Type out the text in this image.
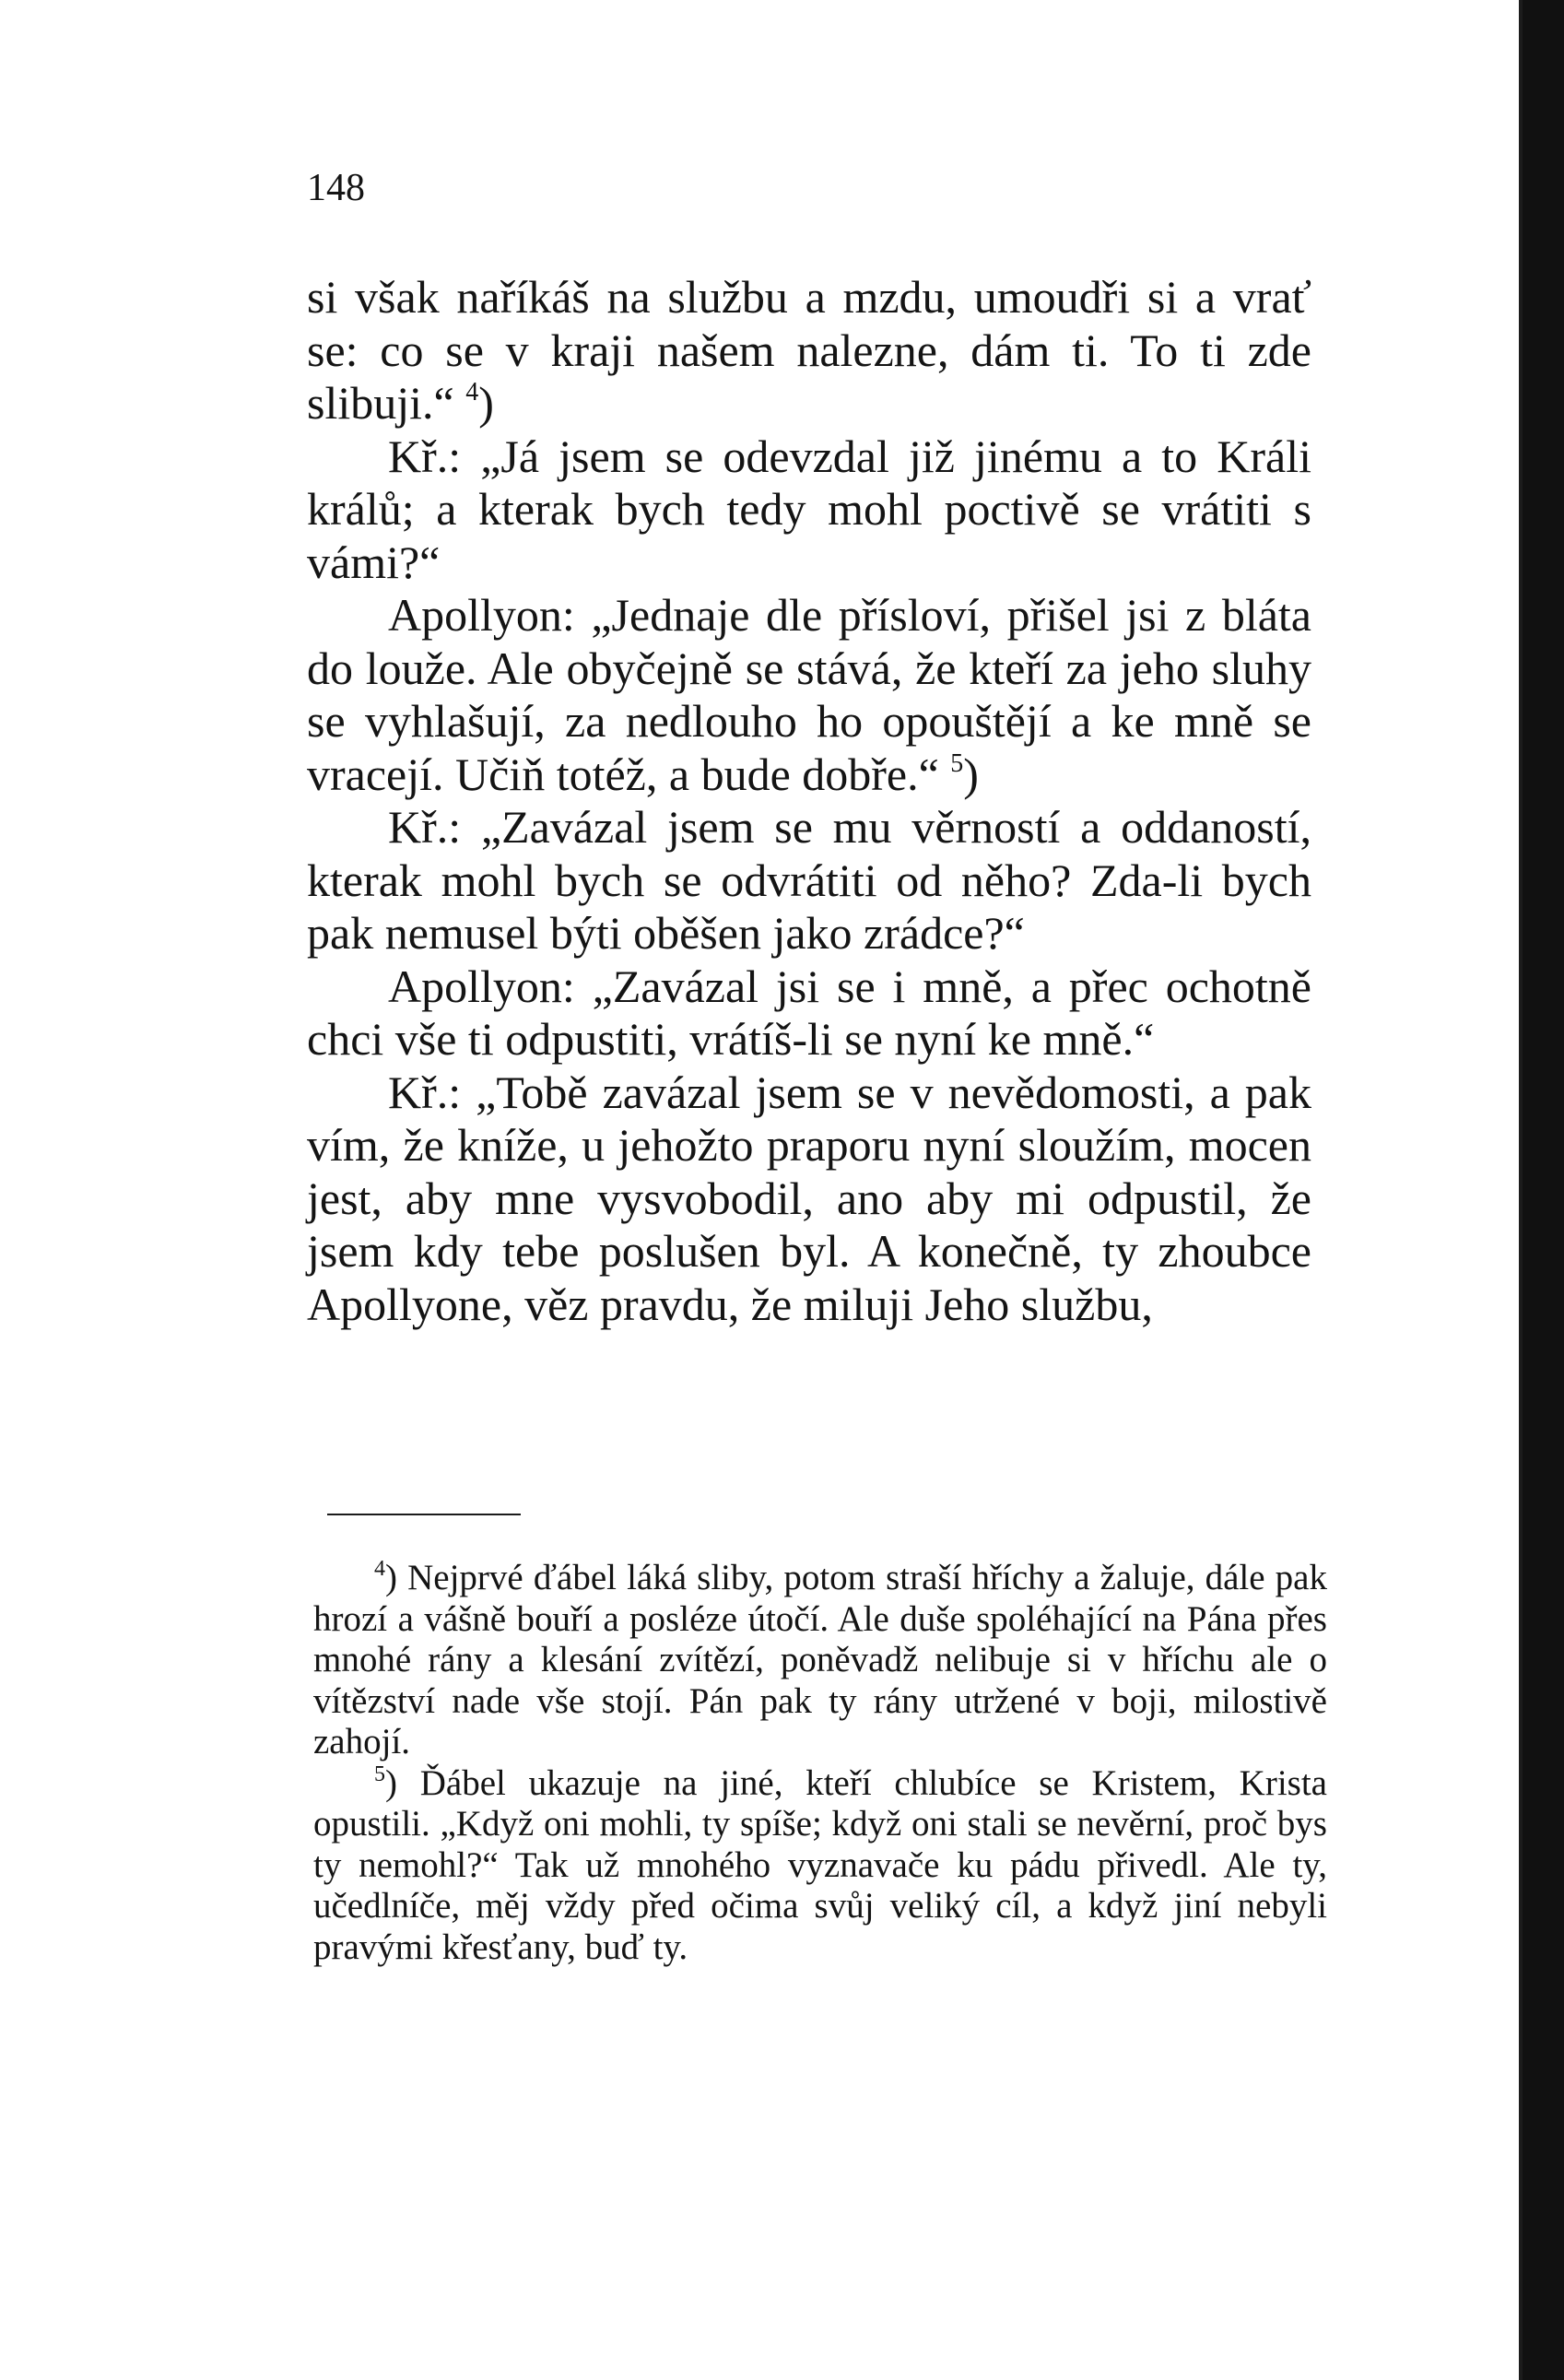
148

si však naříkáš na službu a mzdu, umoudři si a vrať se: co se v kraji našem nalezne, dám ti. To ti zde slibuji.“ $^4$)

Kř.: „Já jsem se odevzdal již jinému a to Králi králů; a kterak bych tedy mohl poctivě se vrátiti s vámi?“

Apollyon: „Jednaje dle přísloví, přišel jsi z bláta do louže. Ale obyčejně se stává, že kteří za jeho sluhy se vyhlašují, za nedlouho ho opouštějí a ke mně se vracejí. Učiň totéž, a bude dobře.“ $^5$)

Kř.: „Zavázal jsem se mu věrností a oddaností, kterak mohl bych se odvrátiti od něho? Zda-li bych pak nemusel býti oběšen jako zrádce?“

Apollyon: „Zavázal jsi se i mně, a přec ochotně chci vše ti odpustiti, vrátíš-li se nyní ke mně.“

Kř.: „Tobě zavázal jsem se v nevědomosti, a pak vím, že kníže, u jehožto praporu nyní sloužím, mocen jest, aby mne vysvobodil, ano aby mi odpustil, že jsem kdy tebe poslušen byl. A konečně, ty zhoubce Apollyone, věz pravdu, že miluji Jeho službu,

$^4$) Nejprvé ďábel láká sliby, potom straší hříchy a žaluje, dále pak hrozí a vášně bouří a posléze útočí. Ale duše spoléhající na Pána přes mnohé rány a klesání zvítězí, poněvadž nelibuje si v hříchu ale o vítězství nade vše stojí. Pán pak ty rány utržené v boji, milostivě zahojí.

$^5$) Ďábel ukazuje na jiné, kteří chlubíce se Kristem, Krista opustili. „Když oni mohli, ty spíše; když oni stali se nevěrní, proč bys ty nemohl?“ Tak už mnohého vyznavače ku pádu přivedl. Ale ty, učedlníče, měj vždy před očima svůj veliký cíl, a když jiní nebyli pravými křesťany, buď ty.
